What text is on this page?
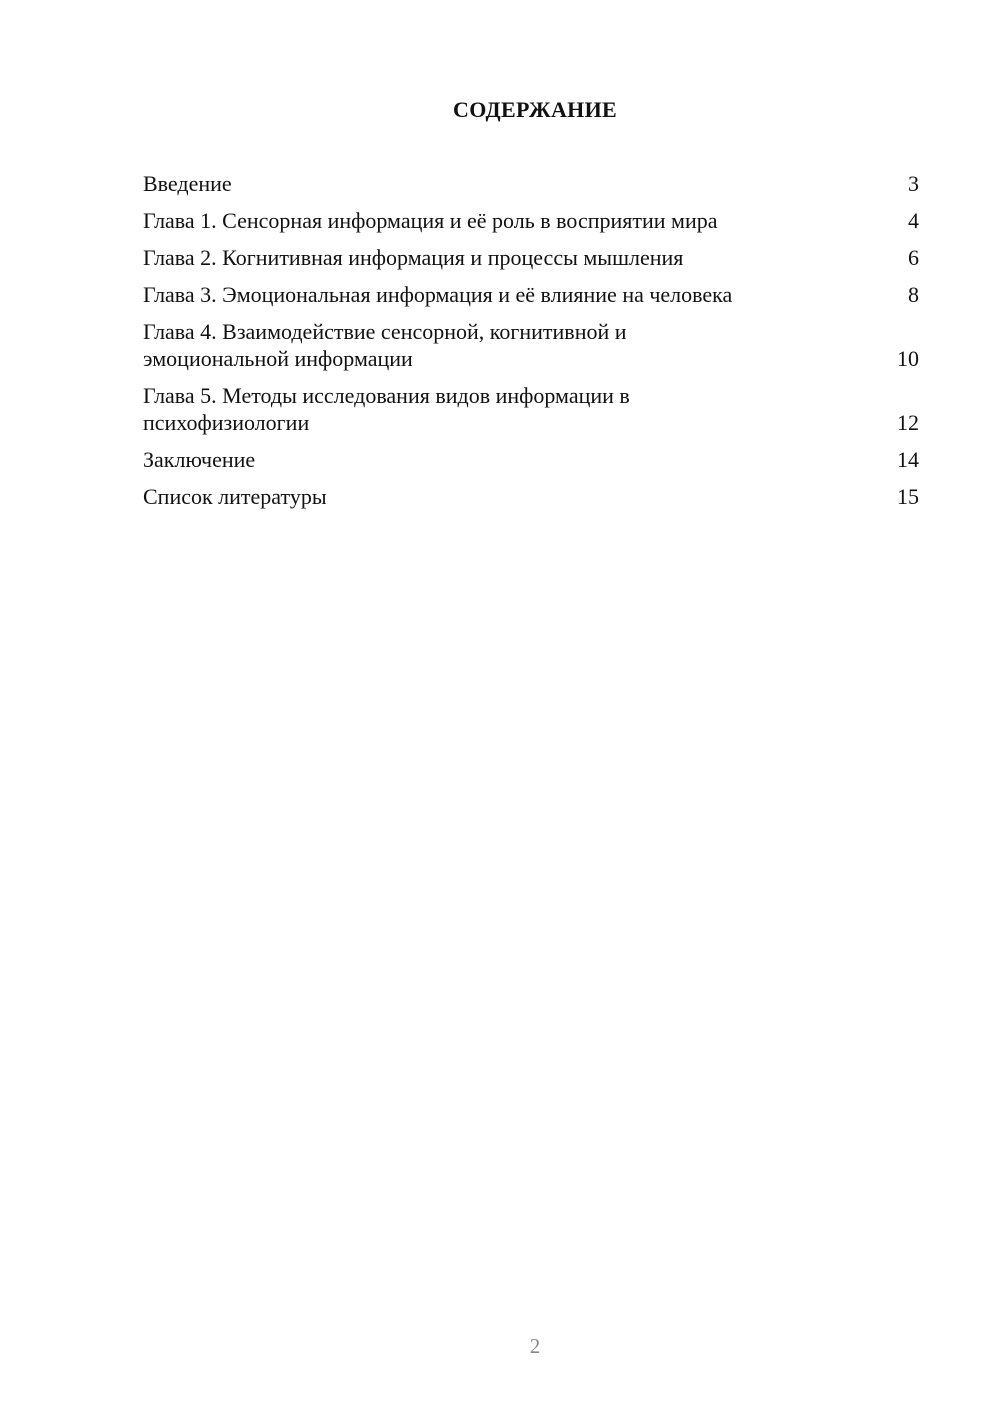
СОДЕРЖАНИЕ
Введение	3
Глава 1. Сенсорная информация и её роль в восприятии мира	4
Глава 2. Когнитивная информация и процессы мышления	6
Глава 3. Эмоциональная информация и её влияние на человека	8
Глава 4. Взаимодействие сенсорной, когнитивной и
эмоциональной информации	10
Глава 5. Методы исследования видов информации в
психофизиологии	12
Заключение	14
Список литературы	15
2
